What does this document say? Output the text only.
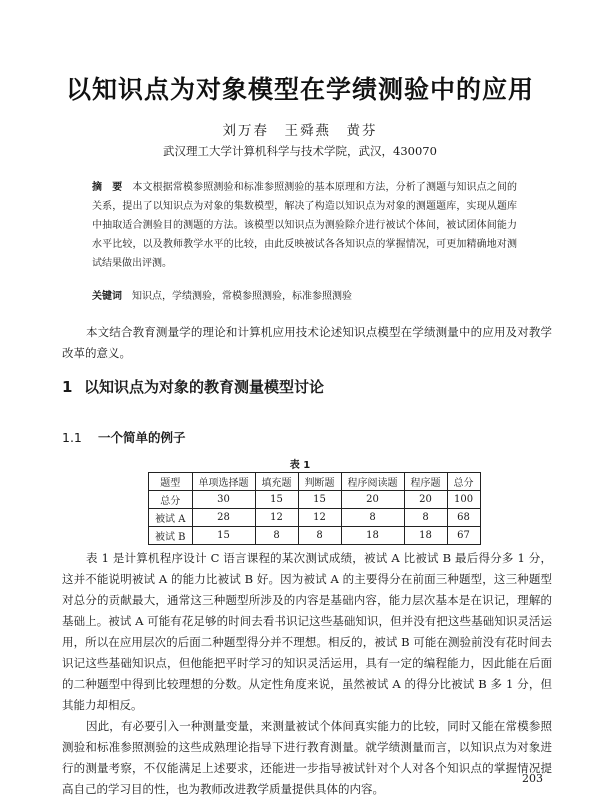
以知识点为对象模型在学绩测验中的应用
刘万春　王舜燕　黄芬
武汉理工大学计算机科学与技术学院，武汉，430070
摘　要 本文根据常模参照测验和标准参照测验的基本原理和方法，分析了测题与知识点之间的关系，提出了以知识点为对象的集数模型，解决了构造以知识点为对象的测题题库，实现从题库中抽取适合测验目的测题的方法。该模型以知识点为测验除介进行被试个体间，被试团体间能力水平比较，以及教师教学水平的比较，由此反映被试各各知识点的掌握情况，可更加精确地对测试结果做出评测。
关键词 知识点，学绩测验，常模参照测验，标准参照测验
本文结合教育测量学的理论和计算机应用技术论述知识点模型在学绩测量中的应用及对教学改革的意义。
1 以知识点为对象的教育测量模型讨论
1.1 一个简单的例子
表 1
题型	单项选择题	填充题	判断题	程序阅读题	程序题	总分
总分	30	15	15	20	20	100
被试 A	28	12	12	8	8	68
被试 B	15	8	8	18	18	67

表 1 是计算机程序设计 C 语言课程的某次测试成绩，被试 A 比被试 B 最后得分多 1 分，这并不能说明被试 A 的能力比被试 B 好。因为被试 A 的主要得分在前面三种题型，这三种题型对总分的贡献最大，通常这三种题型所涉及的内容是基础内容，能力层次基本是在识记，理解的基础上。被试 A 可能有花足够的时间去看书识记这些基础知识，但并没有把这些基础知识灵活运用，所以在应用层次的后面二种题型得分并不理想。相反的，被试 B 可能在测验前没有花时间去识记这些基础知识点，但他能把平时学习的知识灵活运用，具有一定的编程能力，因此能在后面的二种题型中得到比较理想的分数。从定性角度来说，虽然被试 A 的得分比被试 B 多 1 分，但其能力却相反。

因此，有必要引入一种测量变量，来测量被试个体间真实能力的比较，同时又能在常模参照测验和标准参照测验的这些成熟理论指导下进行教育测量。就学绩测量而言，以知识点为对象进行的测量考察，不仅能满足上述要求，还能进一步指导被试针对个人对各个知识点的掌握情况提高自己的学习目的性，也为教师改进教学质量提供具体的内容。

203
